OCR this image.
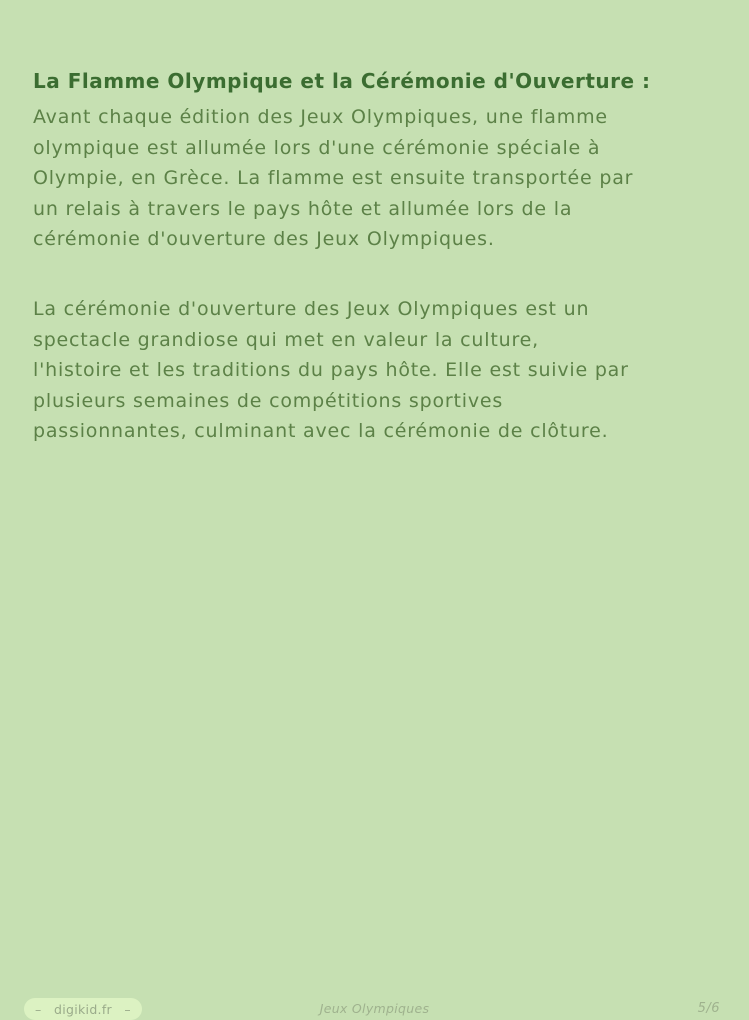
La Flamme Olympique et la Cérémonie d'Ouverture :
Avant chaque édition des Jeux Olympiques, une flamme
olympique est allumée lors d'une cérémonie spéciale à
Olympie, en Grèce. La flamme est ensuite transportée par
un relais à travers le pays hôte et allumée lors de la
cérémonie d'ouverture des Jeux Olympiques.
La cérémonie d'ouverture des Jeux Olympiques est un
spectacle grandiose qui met en valeur la culture,
l'histoire et les traditions du pays hôte. Elle est suivie par
plusieurs semaines de compétitions sportives
passionnantes, culminant avec la cérémonie de clôture.
– digikid.fr –	Jeux Olympiques	5/6
